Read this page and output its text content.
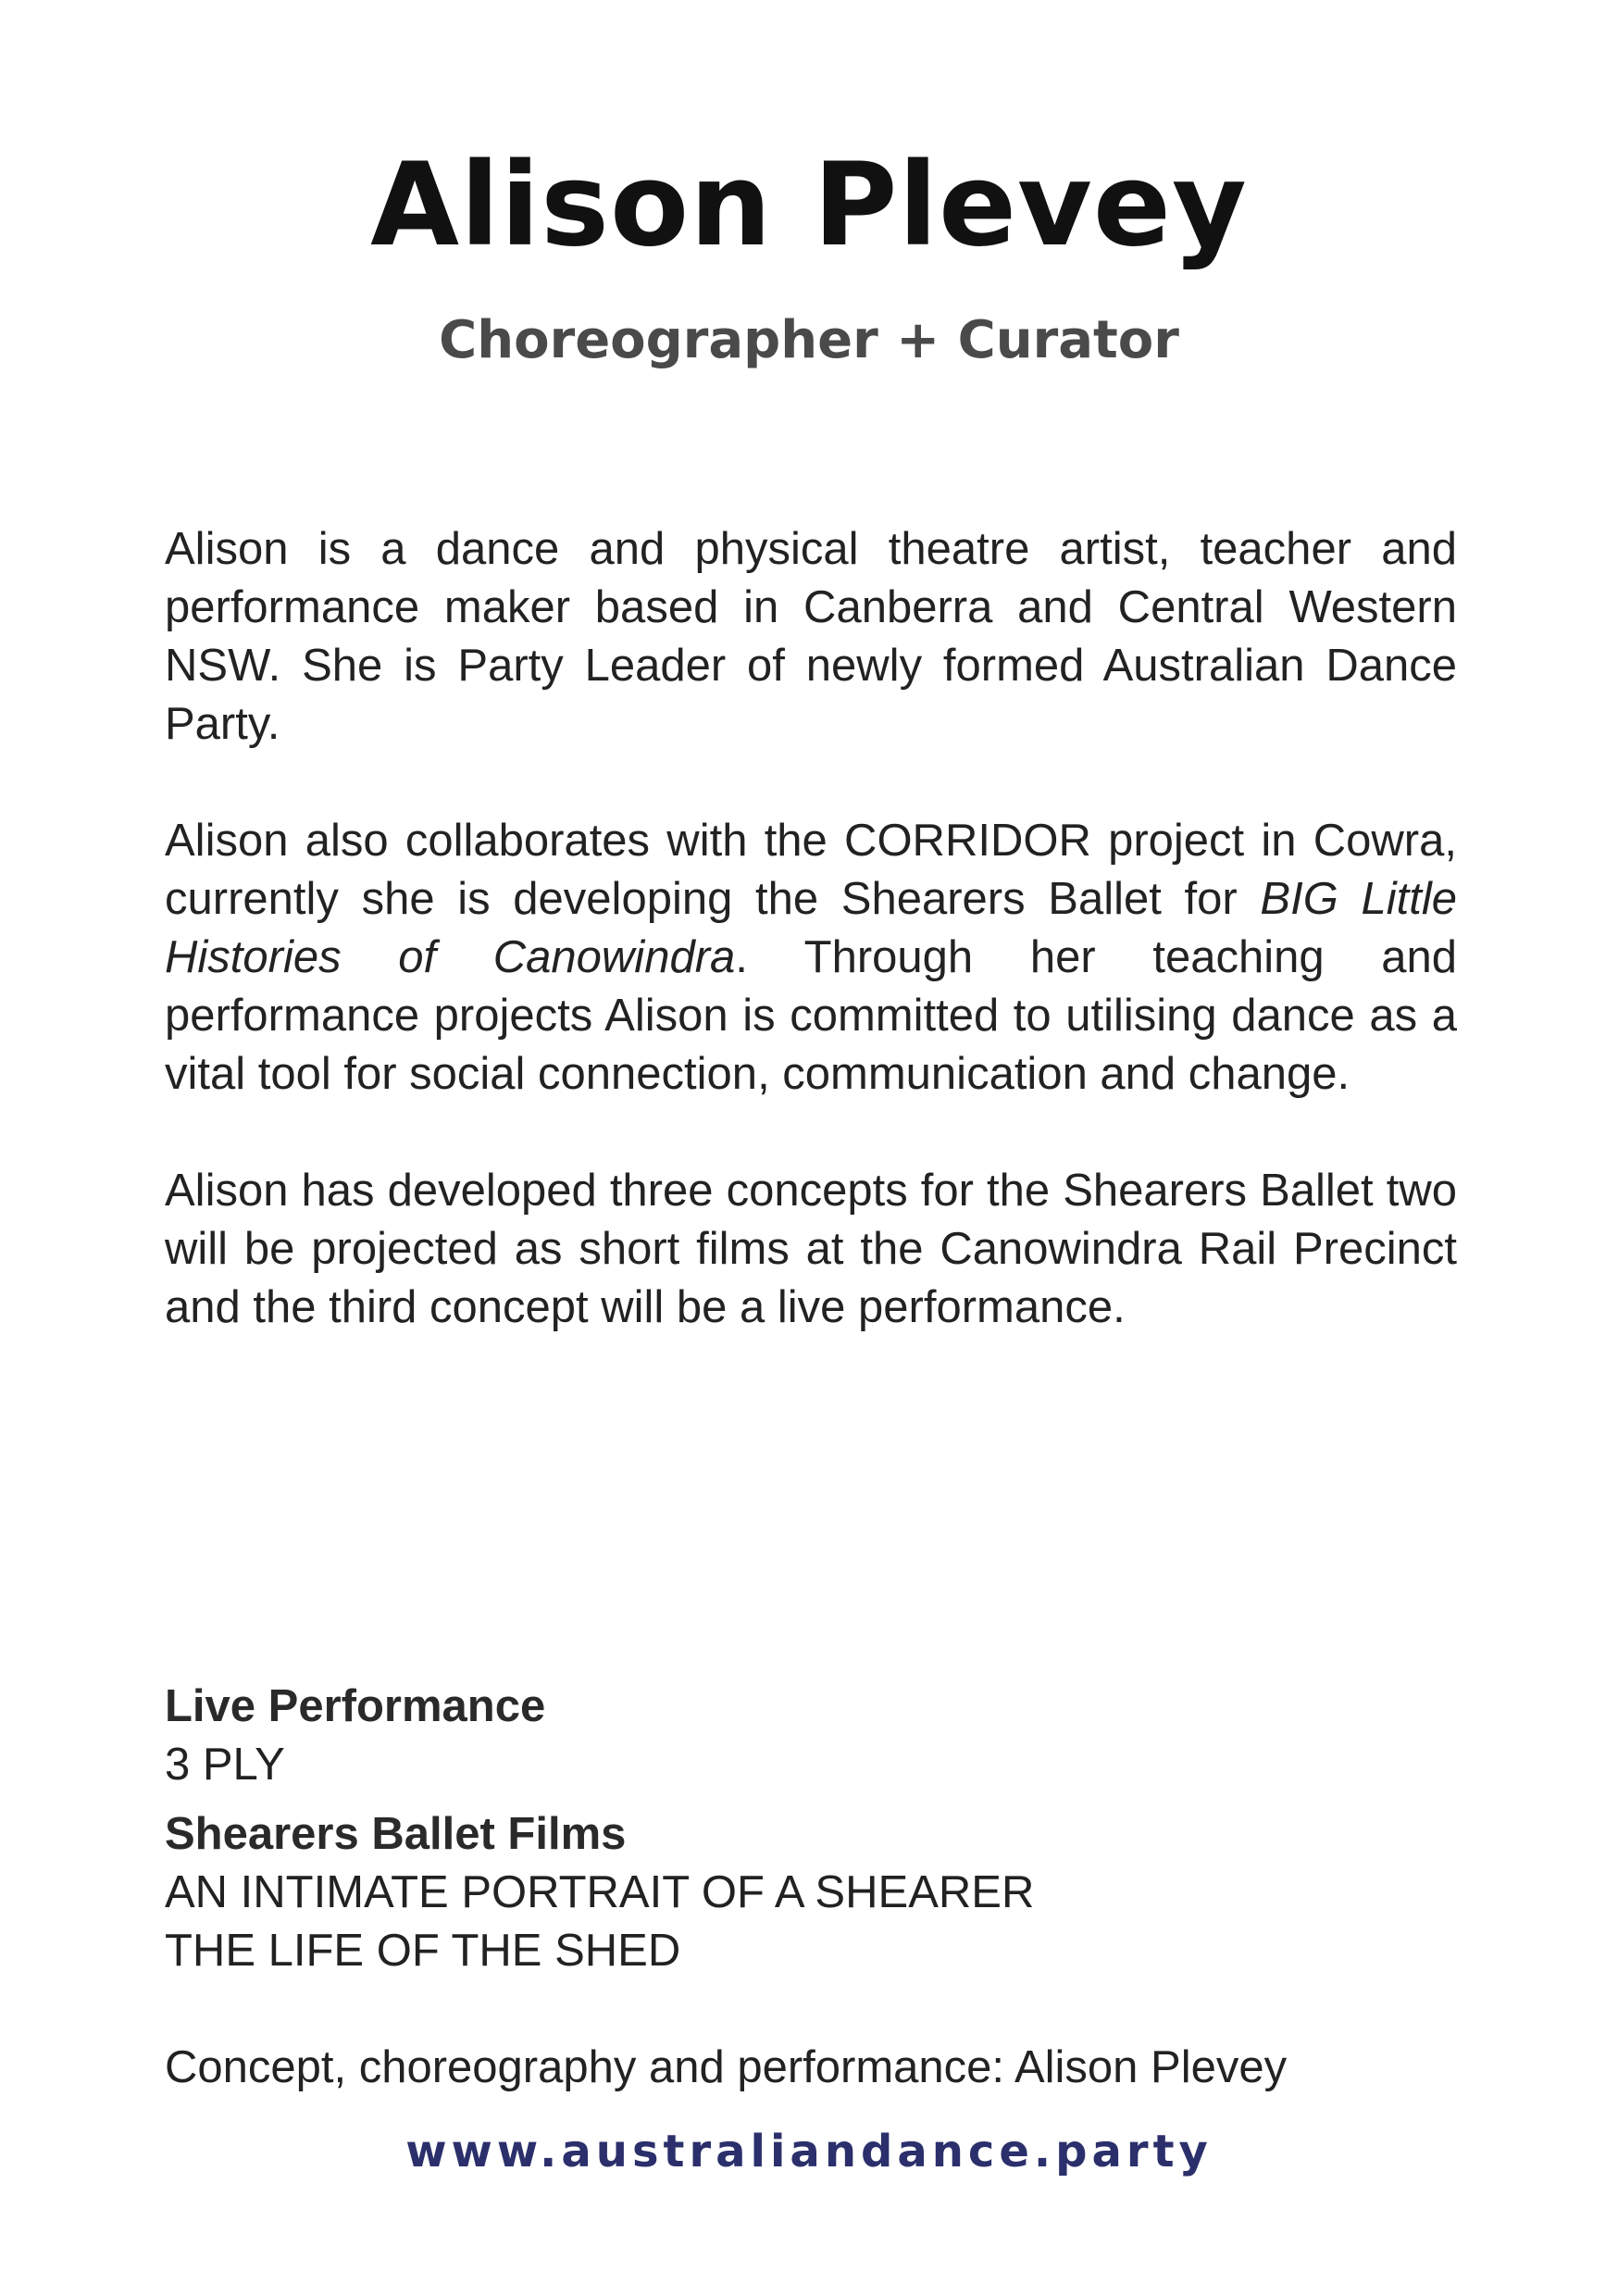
Alison Plevey
Choreographer + Curator

Alison is a dance and physical theatre artist, teacher and performance maker based in Canberra and Central Western NSW. She is Party Leader of newly formed Australian Dance Party.

Alison also collaborates with the CORRIDOR project in Cowra, currently she is developing the Shearers Ballet for BIG Little Histories of Canowindra. Through her teaching and performance projects Alison is committed to utilising dance as a vital tool for social connection, communication and change.

Alison has developed three concepts for the Shearers Ballet two will be projected as short films at the Canowindra Rail Precinct and the third concept will be a live performance.

Live Performance
3 PLY
Shearers Ballet Films
AN INTIMATE PORTRAIT OF A SHEARER
THE LIFE OF THE SHED
Concept, choreography and performance: Alison Plevey
www.australiandance.party
